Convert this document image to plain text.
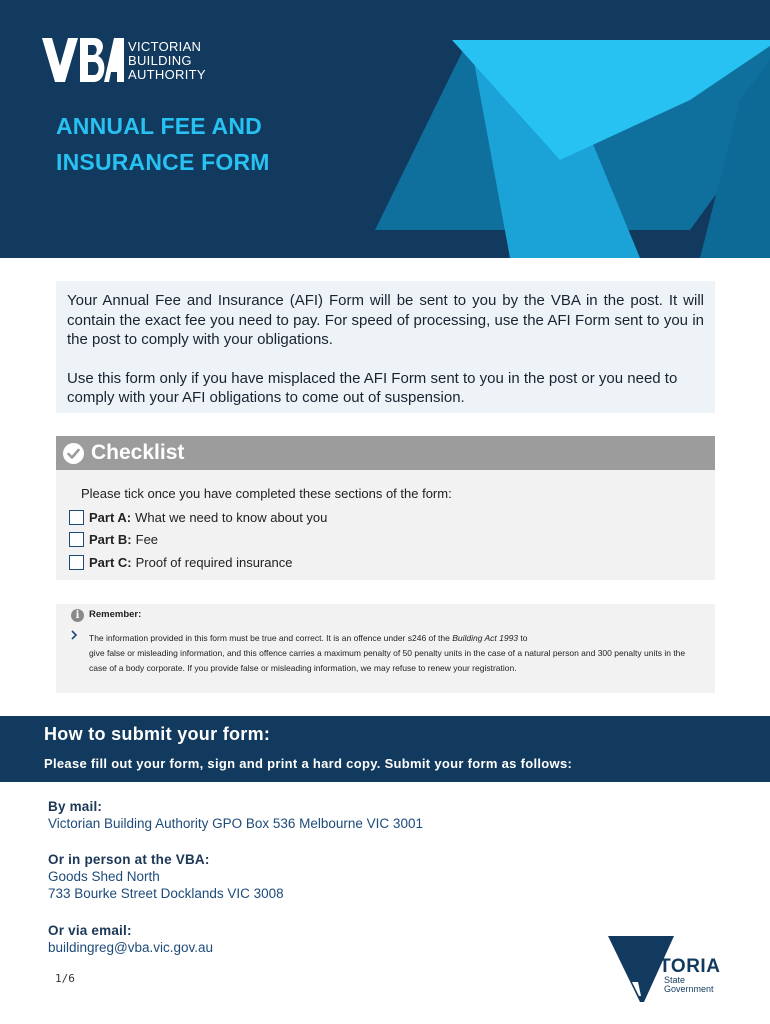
VICTORIAN
BUILDING
AUTHORITY
ANNUAL FEE AND
INSURANCE FORM

Your Annual Fee and Insurance (AFI) Form will be sent to you by the VBA in the post. It will contain the exact fee you need to pay. For speed of processing, use the AFI Form sent to you in the post to comply with your obligations.

Use this form only if you have misplaced the AFI Form sent to you in the post or you need to comply with your AFI obligations to come out of suspension.

Checklist
Please tick once you have completed these sections of the form:
Part A: What we need to know about you
Part B: Fee
Part C: Proof of required insurance
i	Remember:
The information provided in this form must be true and correct. It is an offence under s246 of the Building Act 1993 to
give false or misleading information, and this offence carries a maximum penalty of 50 penalty units in the case of a natural person and 300 penalty units in the case of a body corporate. If you provide false or misleading information, we may refuse to renew your registration.
How to submit your form:
Please fill out your form, sign and print a hard copy. Submit your form as follows:
By mail:
Victorian Building Authority GPO Box 536 Melbourne VIC 3001
Or in person at the VBA:
Goods Shed North
733 Bourke Street Docklands VIC 3008
Or via email:
buildingreg@vba.vic.gov.au
1/6
VICTORIA
State
Government
